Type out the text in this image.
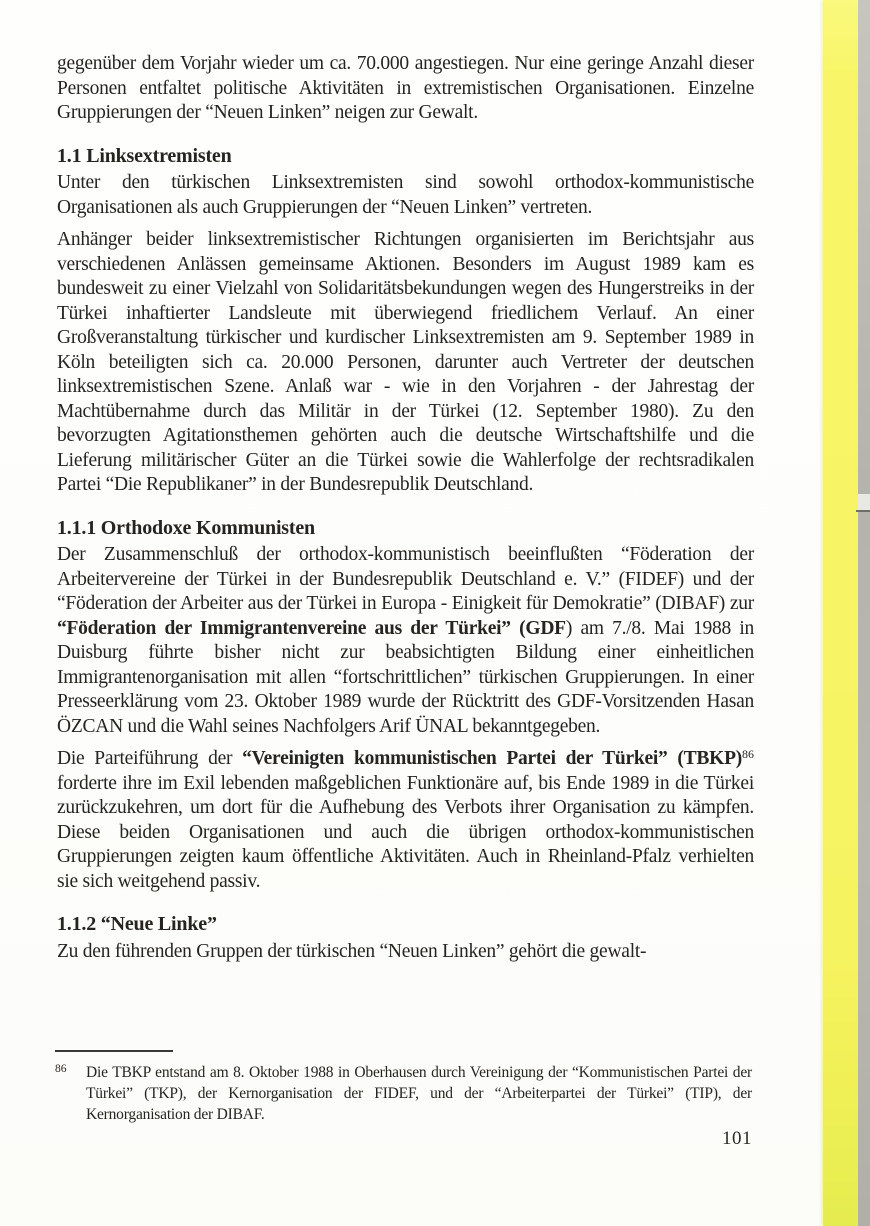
gegenüber dem Vorjahr wieder um ca. 70.000 angestiegen. Nur eine geringe Anzahl dieser Personen entfaltet politische Aktivitäten in extremistischen Organisationen. Einzelne Gruppierungen der “Neuen Linken” neigen zur Gewalt.

1.1 Linksextremisten

Unter den türkischen Linksextremisten sind sowohl orthodox-kommunistische Organisationen als auch Gruppierungen der “Neuen Linken” vertreten.

Anhänger beider linksextremistischer Richtungen organisierten im Berichtsjahr aus verschiedenen Anlässen gemeinsame Aktionen. Besonders im August 1989 kam es bundesweit zu einer Vielzahl von Solidaritätsbekundungen wegen des Hungerstreiks in der Türkei inhaftierter Landsleute mit überwiegend friedlichem Verlauf. An einer Großveranstaltung türkischer und kurdischer Linksextremisten am 9. September 1989 in Köln beteiligten sich ca. 20.000 Personen, darunter auch Vertreter der deutschen linksextremistischen Szene. Anlaß war - wie in den Vorjahren - der Jahrestag der Machtübernahme durch das Militär in der Türkei (12. September 1980). Zu den bevorzugten Agitationsthemen gehörten auch die deutsche Wirtschaftshilfe und die Lieferung militärischer Güter an die Türkei sowie die Wahlerfolge der rechtsradikalen Partei “Die Republikaner” in der Bundesrepublik Deutschland.

1.1.1 Orthodoxe Kommunisten

Der Zusammenschluß der orthodox-kommunistisch beeinflußten “Föderation der Arbeitervereine der Türkei in der Bundesrepublik Deutschland e. V.” (FIDEF) und der “Föderation der Arbeiter aus der Türkei in Europa - Einigkeit für Demokratie” (DIBAF) zur “Föderation der Immigrantenvereine aus der Türkei” (GDF) am 7./8. Mai 1988 in Duisburg führte bisher nicht zur beabsichtigten Bildung einer einheitlichen Immigrantenorganisation mit allen “fortschrittlichen” türkischen Gruppierungen. In einer Presseerklärung vom 23. Oktober 1989 wurde der Rücktritt des GDF-Vorsitzenden Hasan ÖZCAN und die Wahl seines Nachfolgers Arif ÜNAL bekanntgegeben.

Die Parteiführung der “Vereinigten kommunistischen Partei der Türkei” (TBKP)$^{86}$ forderte ihre im Exil lebenden maßgeblichen Funktionäre auf, bis Ende 1989 in die Türkei zurückzukehren, um dort für die Aufhebung des Verbots ihrer Organisation zu kämpfen. Diese beiden Organisationen und auch die übrigen orthodox-kommunistischen Gruppierungen zeigten kaum öffentliche Aktivitäten. Auch in Rheinland-Pfalz verhielten sie sich weitgehend passiv.

1.1.2 “Neue Linke”

Zu den führenden Gruppen der türkischen “Neuen Linken” gehört die gewalt-

86	Die TBKP entstand am 8. Oktober 1988 in Oberhausen durch Vereinigung der “Kommunistischen Partei der Türkei” (TKP), der Kernorganisation der FIDEF, und der “Arbeiterpartei der Türkei” (TIP), der Kernorganisation der DIBAF.
101
